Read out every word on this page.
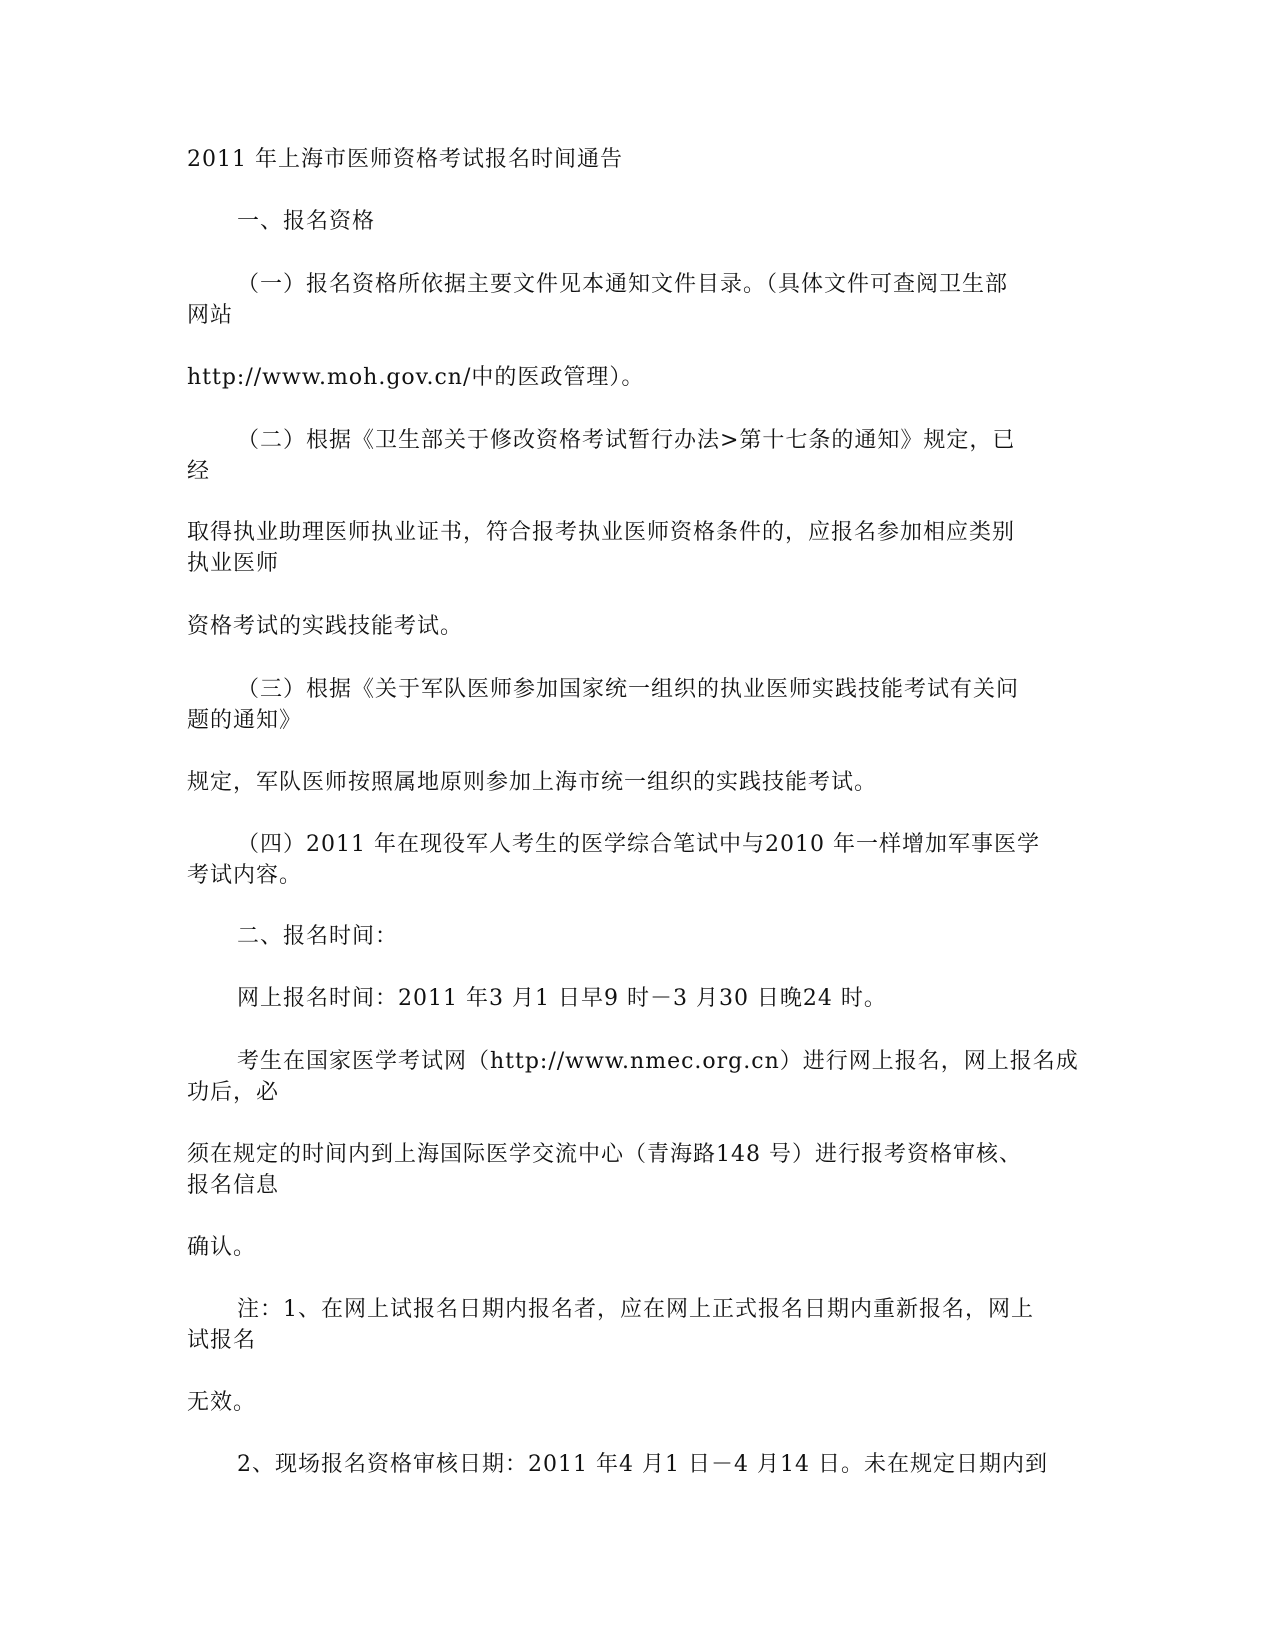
2011 年上海市医师资格考试报名时间通告
一、报名资格
（一）报名资格所依据主要文件见本通知文件目录。（具体文件可查阅卫生部
网站
http://www.moh.gov.cn/中的医政管理）。
（二）根据《卫生部关于修改资格考试暂行办法>第十七条的通知》规定，已
经
取得执业助理医师执业证书，符合报考执业医师资格条件的，应报名参加相应类别
执业医师
资格考试的实践技能考试。
（三）根据《关于军队医师参加国家统一组织的执业医师实践技能考试有关问
题的通知》
规定，军队医师按照属地原则参加上海市统一组织的实践技能考试。
（四）2011 年在现役军人考生的医学综合笔试中与2010 年一样增加军事医学
考试内容。
二、报名时间：
网上报名时间：2011 年3 月1 日早9 时－3 月30 日晚24 时。
考生在国家医学考试网（http://www.nmec.org.cn）进行网上报名，网上报名成
功后，必
须在规定的时间内到上海国际医学交流中心（青海路148 号）进行报考资格审核、
报名信息
确认。
注：1、在网上试报名日期内报名者，应在网上正式报名日期内重新报名，网上
试报名
无效。
2、现场报名资格审核日期：2011 年4 月1 日－4 月14 日。未在规定日期内到
